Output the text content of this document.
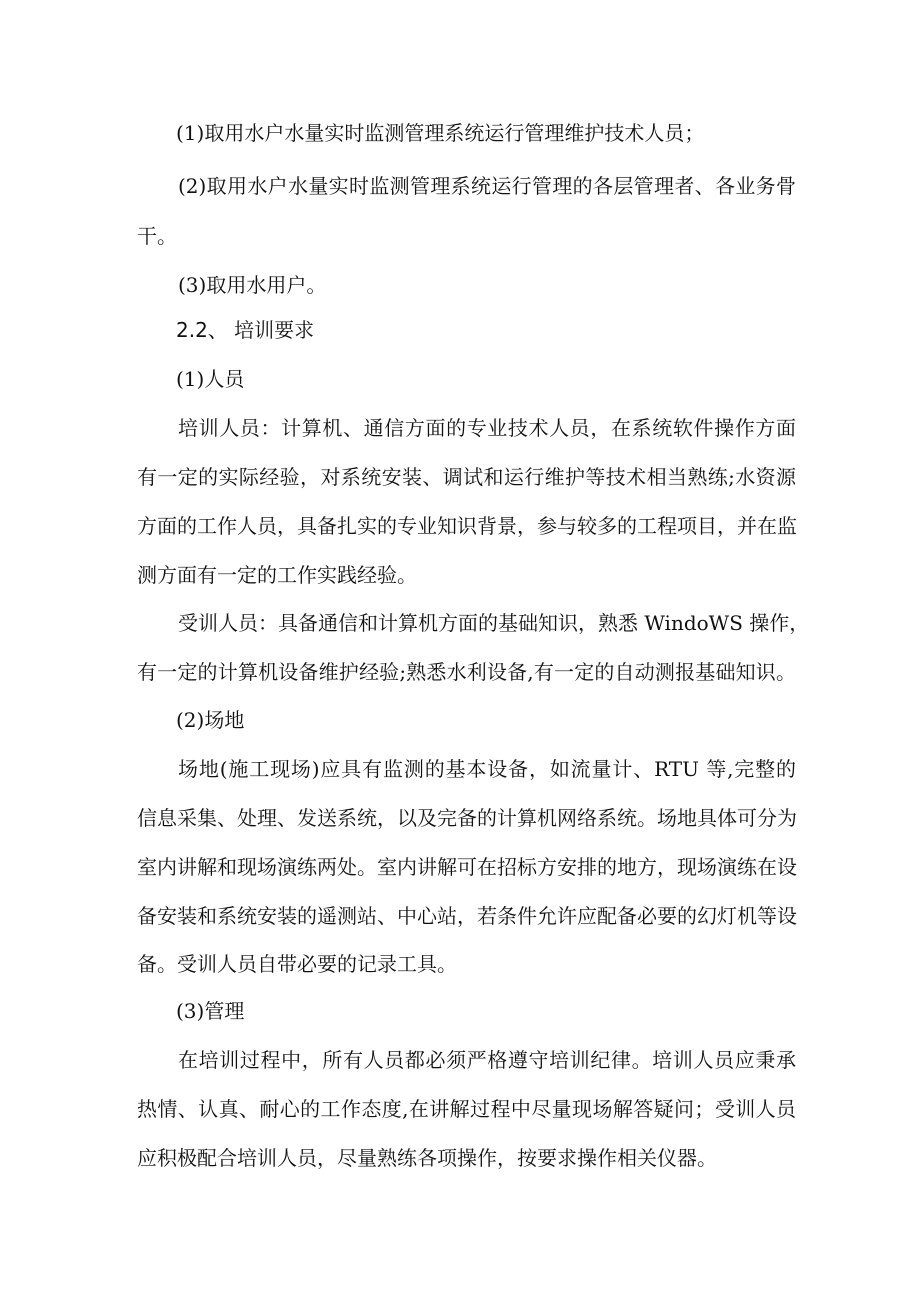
(1)取用水户水量实时监测管理系统运行管理维护技术人员；
(2)取用水户水量实时监测管理系统运行管理的各层管理者、各业务骨
干。
(3)取用水用户。
2.2、 培训要求
(1)人员
培训人员：计算机、通信方面的专业技术人员，在系统软件操作方面
有一定的实际经验，对系统安装、调试和运行维护等技术相当熟练;水资源
方面的工作人员，具备扎实的专业知识背景，参与较多的工程项目，并在监
测方面有一定的工作实践经验。
受训人员：具备通信和计算机方面的基础知识，熟悉 WindoWS 操作，
有一定的计算机设备维护经验;熟悉水利设备,有一定的自动测报基础知识。
(2)场地
场地(施工现场)应具有监测的基本设备，如流量计、RTU 等,完整的
信息采集、处理、发送系统，以及完备的计算机网络系统。场地具体可分为
室内讲解和现场演练两处。室内讲解可在招标方安排的地方，现场演练在设
备安装和系统安装的遥测站、中心站，若条件允许应配备必要的幻灯机等设
备。受训人员自带必要的记录工具。
(3)管理
在培训过程中，所有人员都必须严格遵守培训纪律。培训人员应秉承
热情、认真、耐心的工作态度,在讲解过程中尽量现场解答疑问；受训人员
应积极配合培训人员，尽量熟练各项操作，按要求操作相关仪器。
